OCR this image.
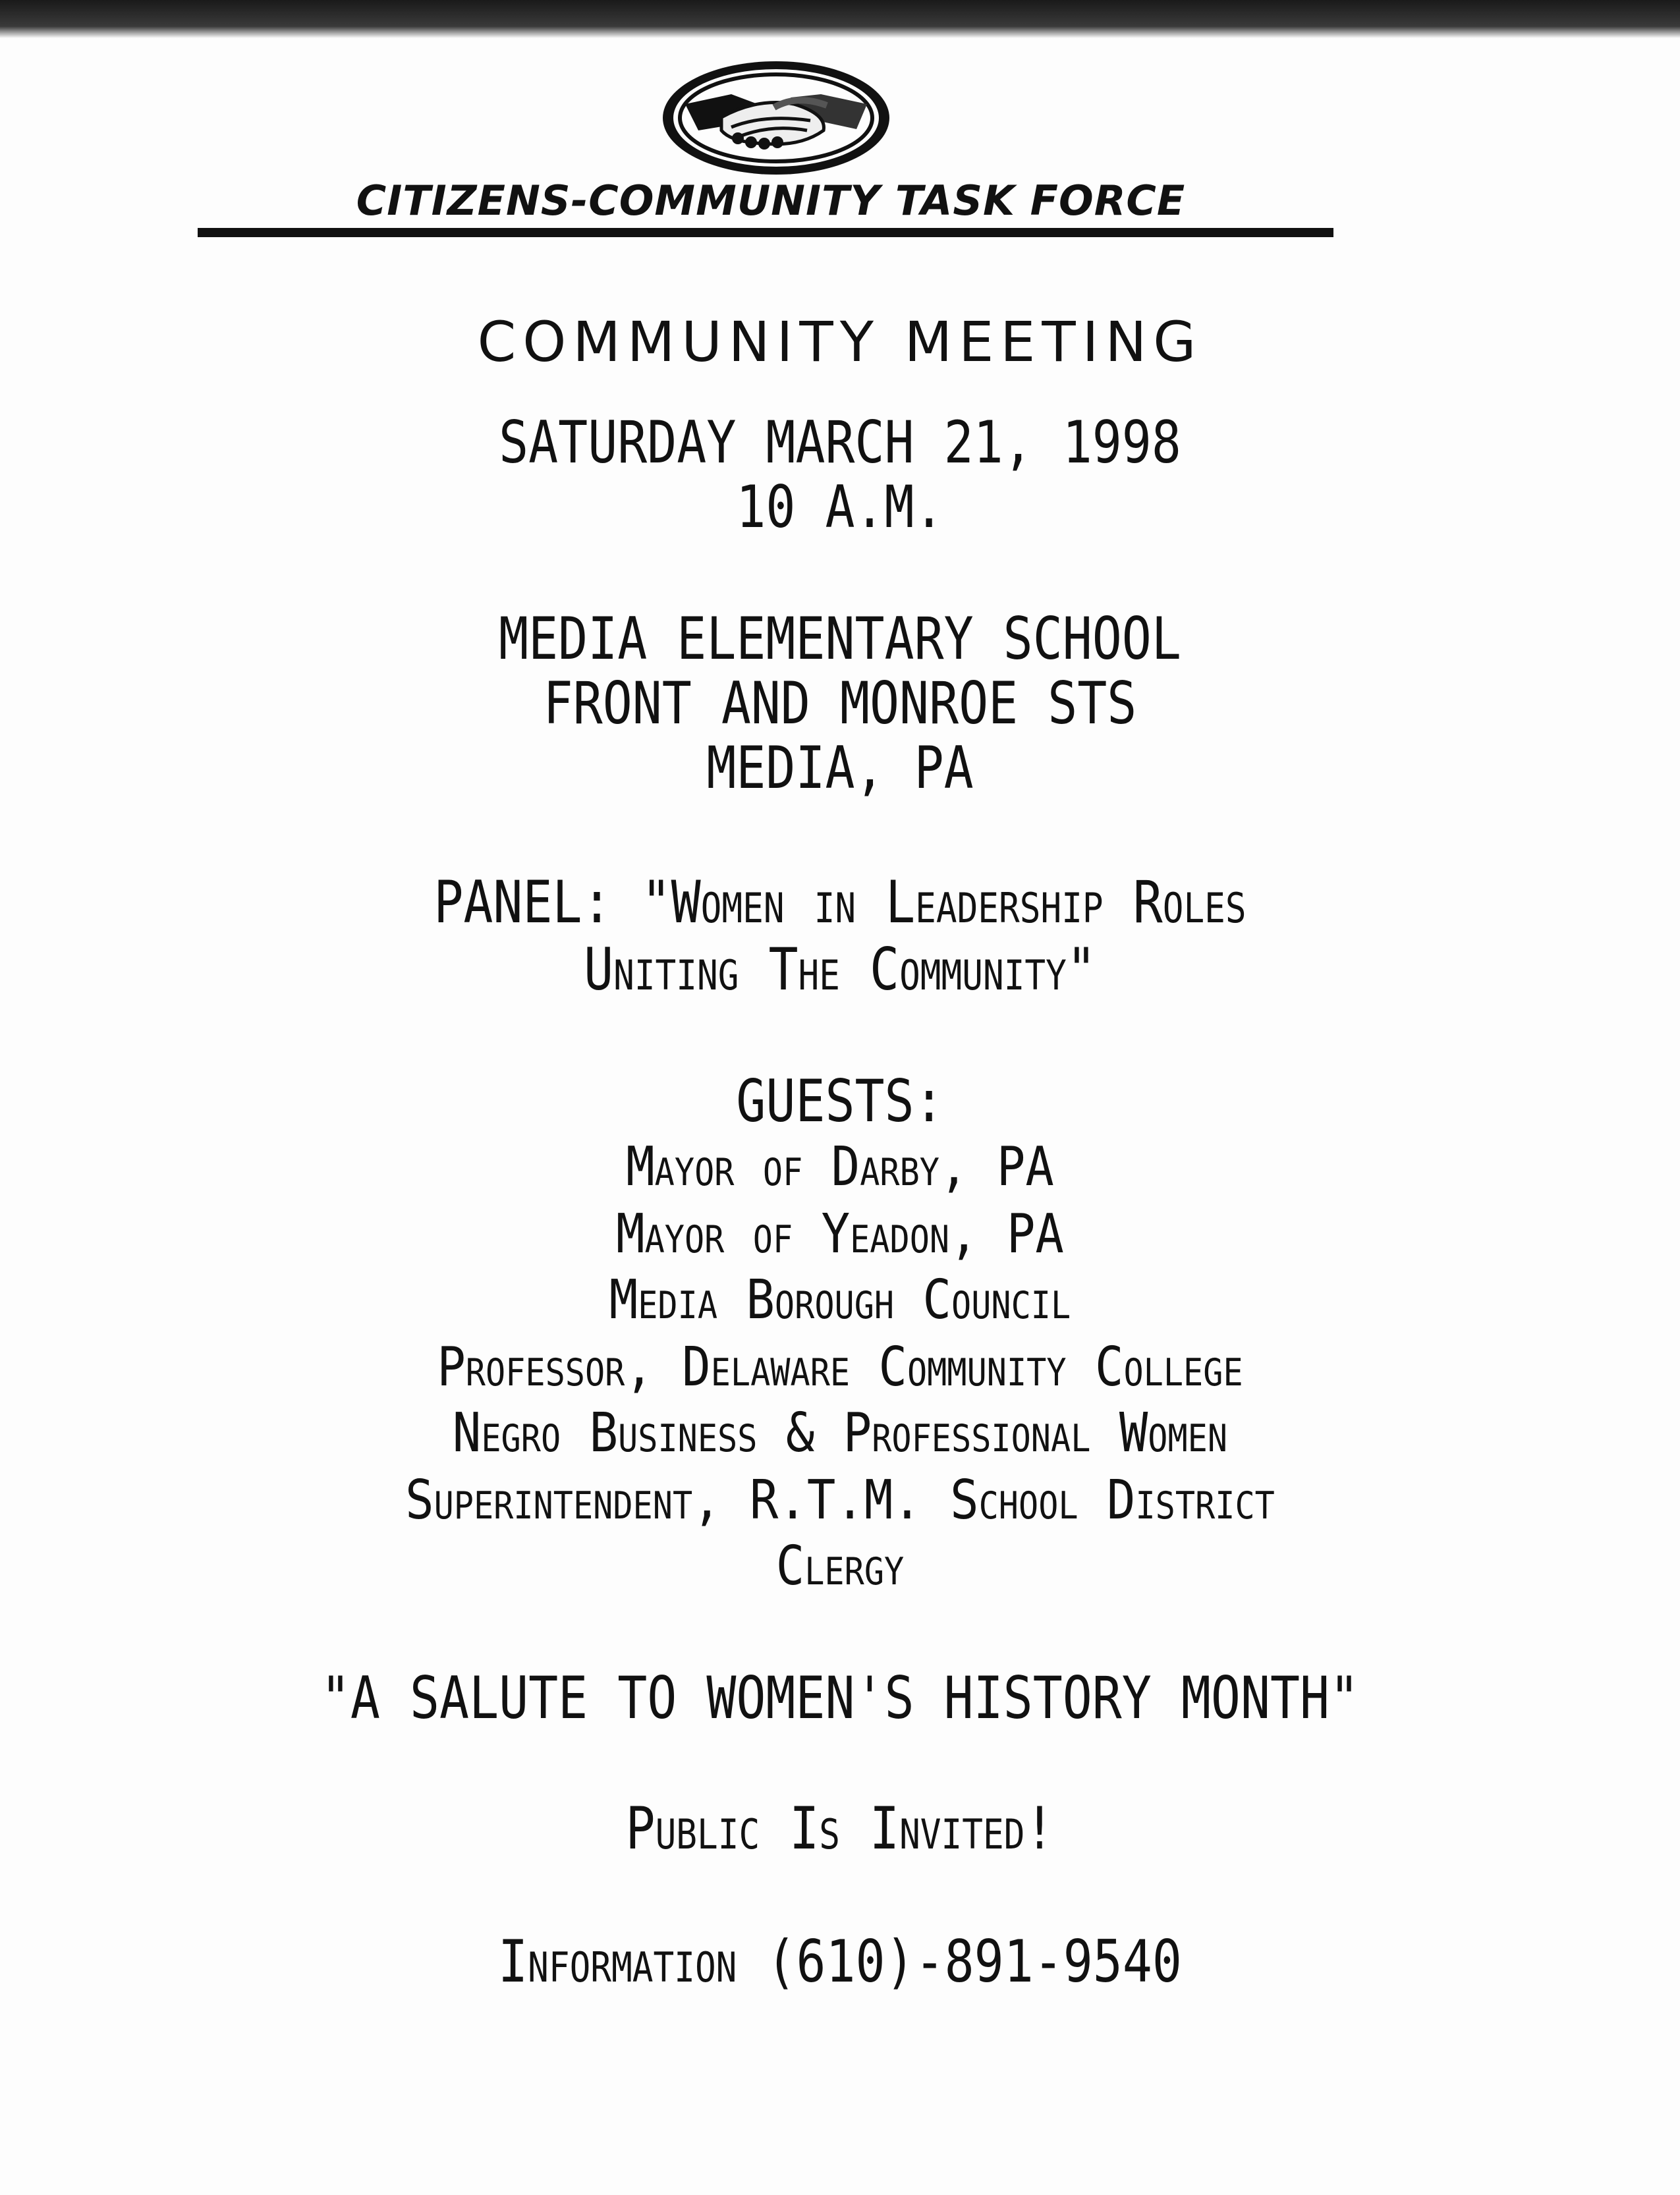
CITIZENS-COMMUNITY TASK FORCE
COMMUNITY MEETING
SATURDAY MARCH 21, 1998
10 A.M.
MEDIA ELEMENTARY SCHOOL
FRONT AND MONROE STS
MEDIA, PA
PANEL: "Women in Leadership Roles
Uniting The Community"
GUESTS:
Mayor of Darby, PA
Mayor of Yeadon, PA
Media Borough Council
Professor, Delaware Community College
Negro Business & Professional Women
Superintendent, R.T.M. School District
Clergy
"A SALUTE TO WOMEN'S HISTORY MONTH"
Public Is Invited!
Information (610)-891-9540
